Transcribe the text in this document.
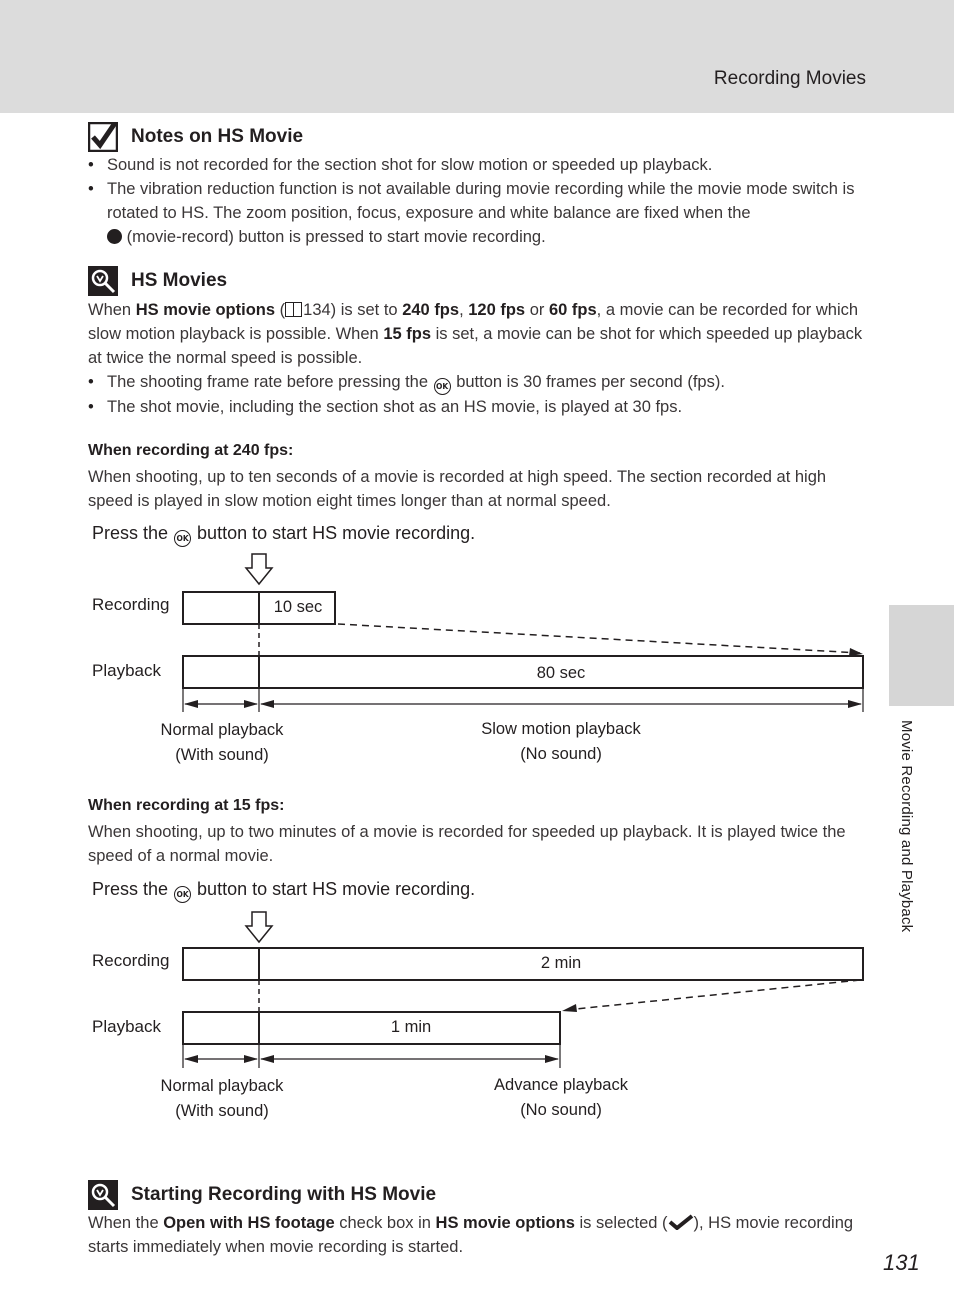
Recording Movies
Movie Recording and Playback
Notes on HS Movie
• Sound is not recorded for the section shot for slow motion or speeded up playback.
• The vibration reduction function is not available during movie recording while the movie mode switch is rotated to HS. The zoom position, focus, exposure and white balance are fixed when the
(movie-record) button is pressed to start movie recording.
HS Movies
When HS movie options ( 134) is set to 240 fps, 120 fps or 60 fps, a movie can be recorded for which slow motion playback is possible. When 15 fps is set, a movie can be shot for which speeded up playback at twice the normal speed is possible.
• The shooting frame rate before pressing the OK button is 30 frames per second (fps).
• The shot movie, including the section shot as an HS movie, is played at 30 fps.
When recording at 240 fps:
When shooting, up to ten seconds of a movie is recorded at high speed. The section recorded at high speed is played in slow motion eight times longer than at normal speed.
Press the OK button to start HS movie recording.
Recording	10 sec
Playback	80 sec
Normal playback
(With sound)
Slow motion playback
(No sound)
When recording at 15 fps:
When shooting, up to two minutes of a movie is recorded for speeded up playback. It is played twice the speed of a normal movie.
Press the OK button to start HS movie recording.
Recording	2 min
Playback	1 min
Normal playback
(With sound)
Advance playback
(No sound)
Starting Recording with HS Movie
When the Open with HS footage check box in HS movie options is selected ( ), HS movie recording starts immediately when movie recording is started.
131
